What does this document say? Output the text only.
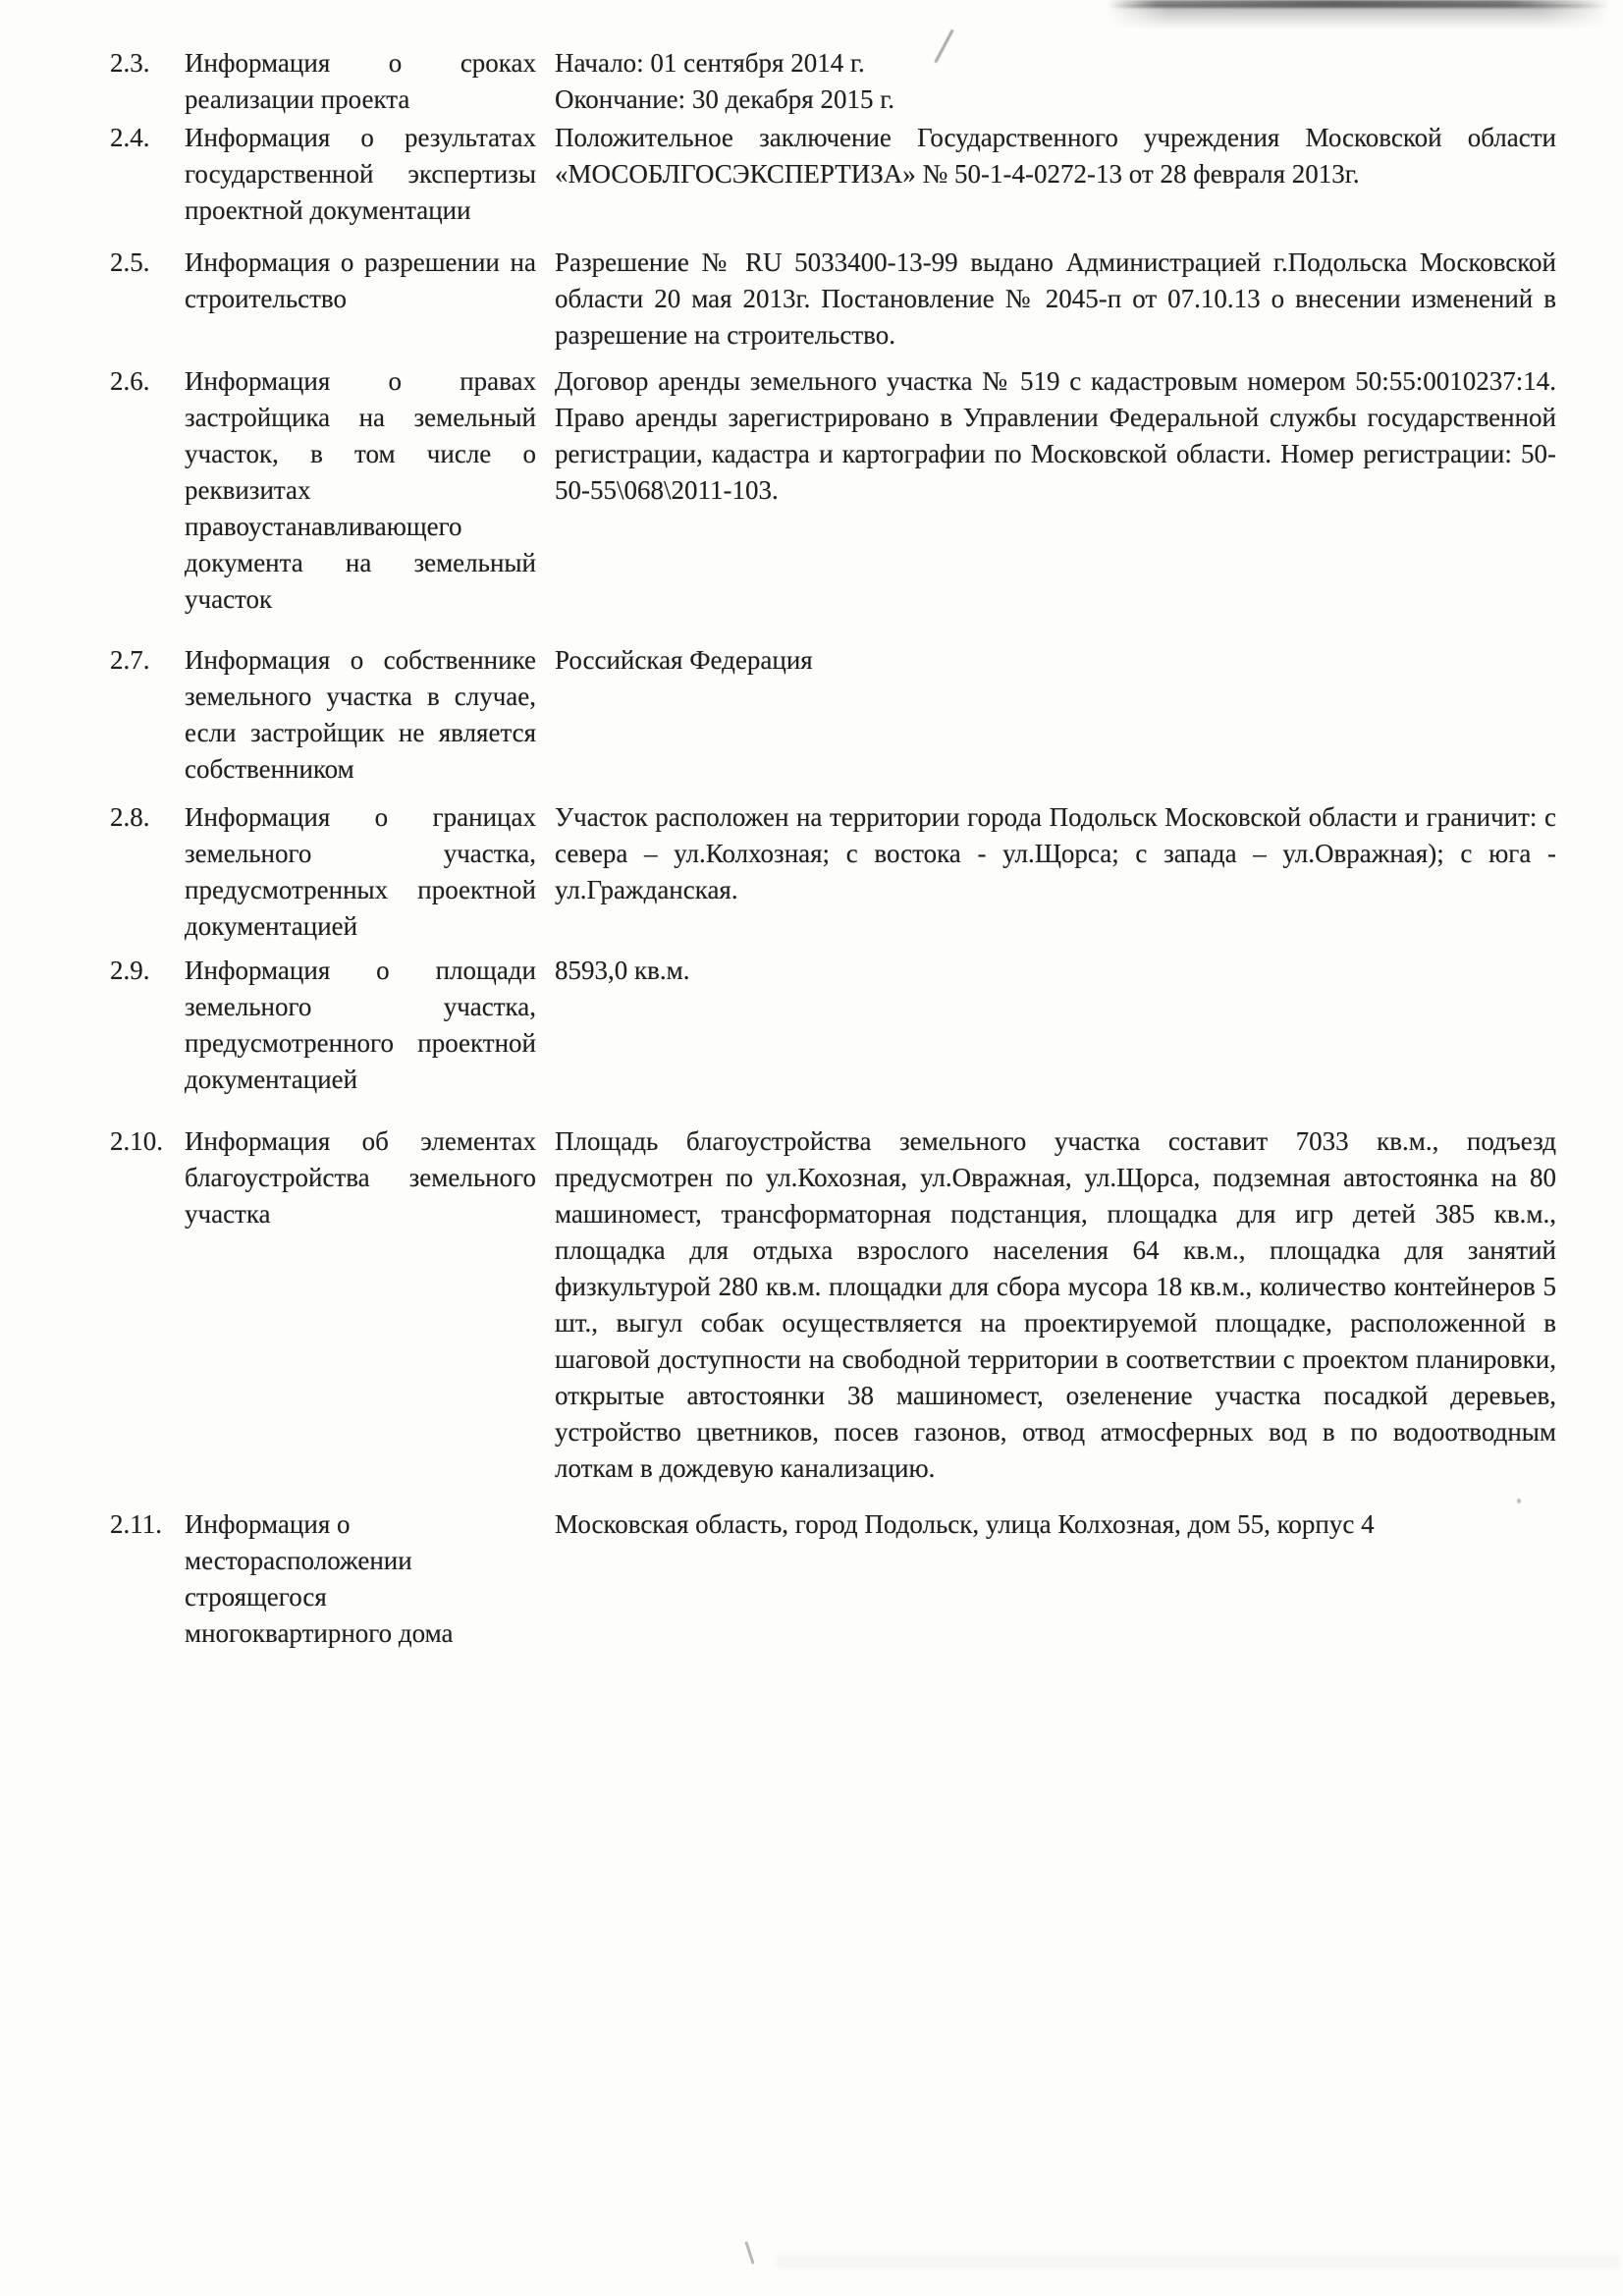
2.3.	Информация о сроках реализации проекта
Начало: 01 сентября 2014 г.
Окончание: 30 декабря 2015 г.
2.4.	Информация о результатах государственной экспертизы проектной документации
Положительное заключение Государственного учреждения Московской области «МОСОБЛГОСЭКСПЕРТИЗА» № 50-1-4-0272-13 от 28 февраля 2013г.
2.5.	Информация о разрешении на строительство
Разрешение № RU 5033400-13-99 выдано Администрацией г.Подольска Московской области 20 мая 2013г. Постановление № 2045-п от 07.10.13 о внесении изменений в разрешение на строительство.
2.6.	Информация о правах застройщика на земельный участок, в том числе о реквизитах правоустанавливающего документа на земельный участок
Договор аренды земельного участка № 519 с кадастровым номером 50:55:0010237:14. Право аренды зарегистрировано в Управлении Федеральной службы государственной регистрации, кадастра и картографии по Московской области. Номер регистрации: 50-50-55\068\2011-103.
2.7.	Информация о собственнике земельного участка в случае, если застройщик не является собственником
Российская Федерация
2.8.	Информация о границах земельного участка, предусмотренных проектной документацией
Участок расположен на территории города Подольск Московской области и граничит: с севера – ул.Колхозная; с востока - ул.Щорса; с запада – ул.Овражная); с юга - ул.Гражданская.
2.9.	Информация о площади земельного участка, предусмотренного проектной документацией
8593,0 кв.м.
2.10. Информация об элементах благоустройства земельного участка
Площадь благоустройства земельного участка составит 7033 кв.м., подъезд предусмотрен по ул.Кохозная, ул.Овражная, ул.Щорса, подземная автостоянка на 80 машиномест, трансформаторная подстанция, площадка для игр детей 385 кв.м., площадка для отдыха взрослого населения 64 кв.м., площадка для занятий физкультурой 280 кв.м. площадки для сбора мусора 18 кв.м., количество контейнеров 5 шт., выгул собак осуществляется на проектируемой площадке, расположенной в шаговой доступности на свободной территории в соответствии с проектом планировки, открытые автостоянки 38 машиномест, озеленение участка посадкой деревьев, устройство цветников, посев газонов, отвод атмосферных вод в по водоотводным лоткам в дождевую канализацию.
2.11. Информация о месторасположении строящегося многоквартирного дома
Московская область, город Подольск, улица Колхозная, дом 55, корпус 4
